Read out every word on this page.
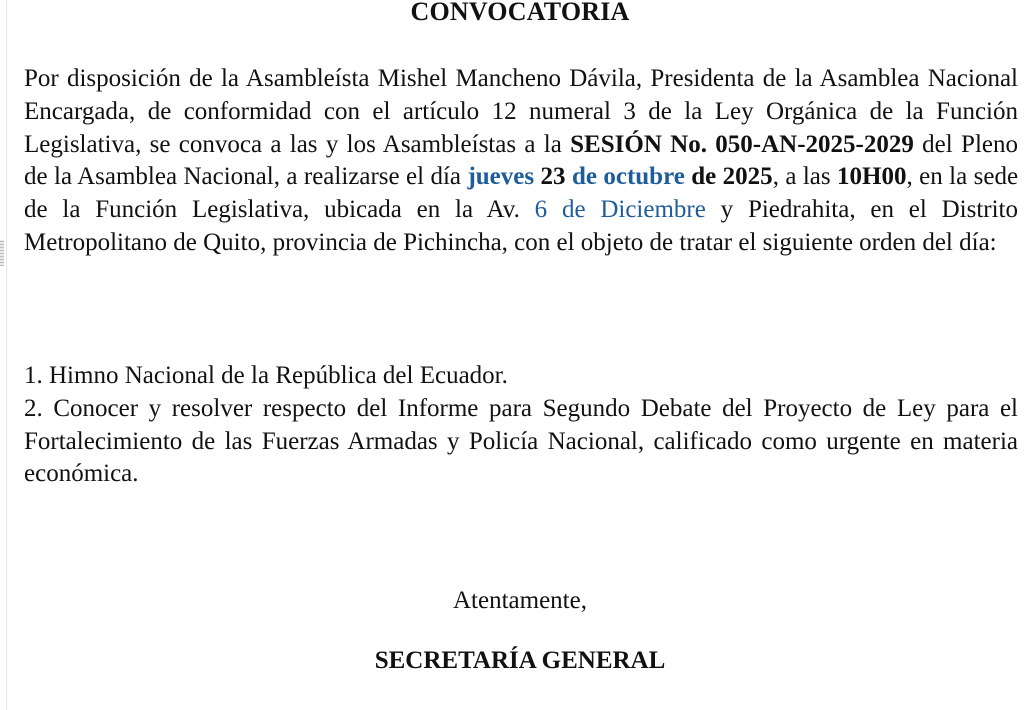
CONVOCATORIA

Por disposición de la Asambleísta Mishel Mancheno Dávila, Presidenta de la Asamblea Nacional Encargada, de conformidad con el artículo 12 numeral 3 de la Ley Orgánica de la Función Legislativa, se convoca a las y los Asambleístas a la SESIÓN No. 050-AN-2025-2029 del Pleno de la Asamblea Nacional, a realizarse el día jueves 23 de octubre de 2025, a las 10H00, en la sede de la Función Legislativa, ubicada en la Av. 6 de Diciembre y Piedrahita, en el Distrito Metropolitano de Quito, provincia de Pichincha, con el objeto de tratar el siguiente orden del día:

1. Himno Nacional de la República del Ecuador.

2. Conocer y resolver respecto del Informe para Segundo Debate del Proyecto de Ley para el Fortalecimiento de las Fuerzas Armadas y Policía Nacional, calificado como urgente en materia económica.

Atentamente,
SECRETARÍA GENERAL
